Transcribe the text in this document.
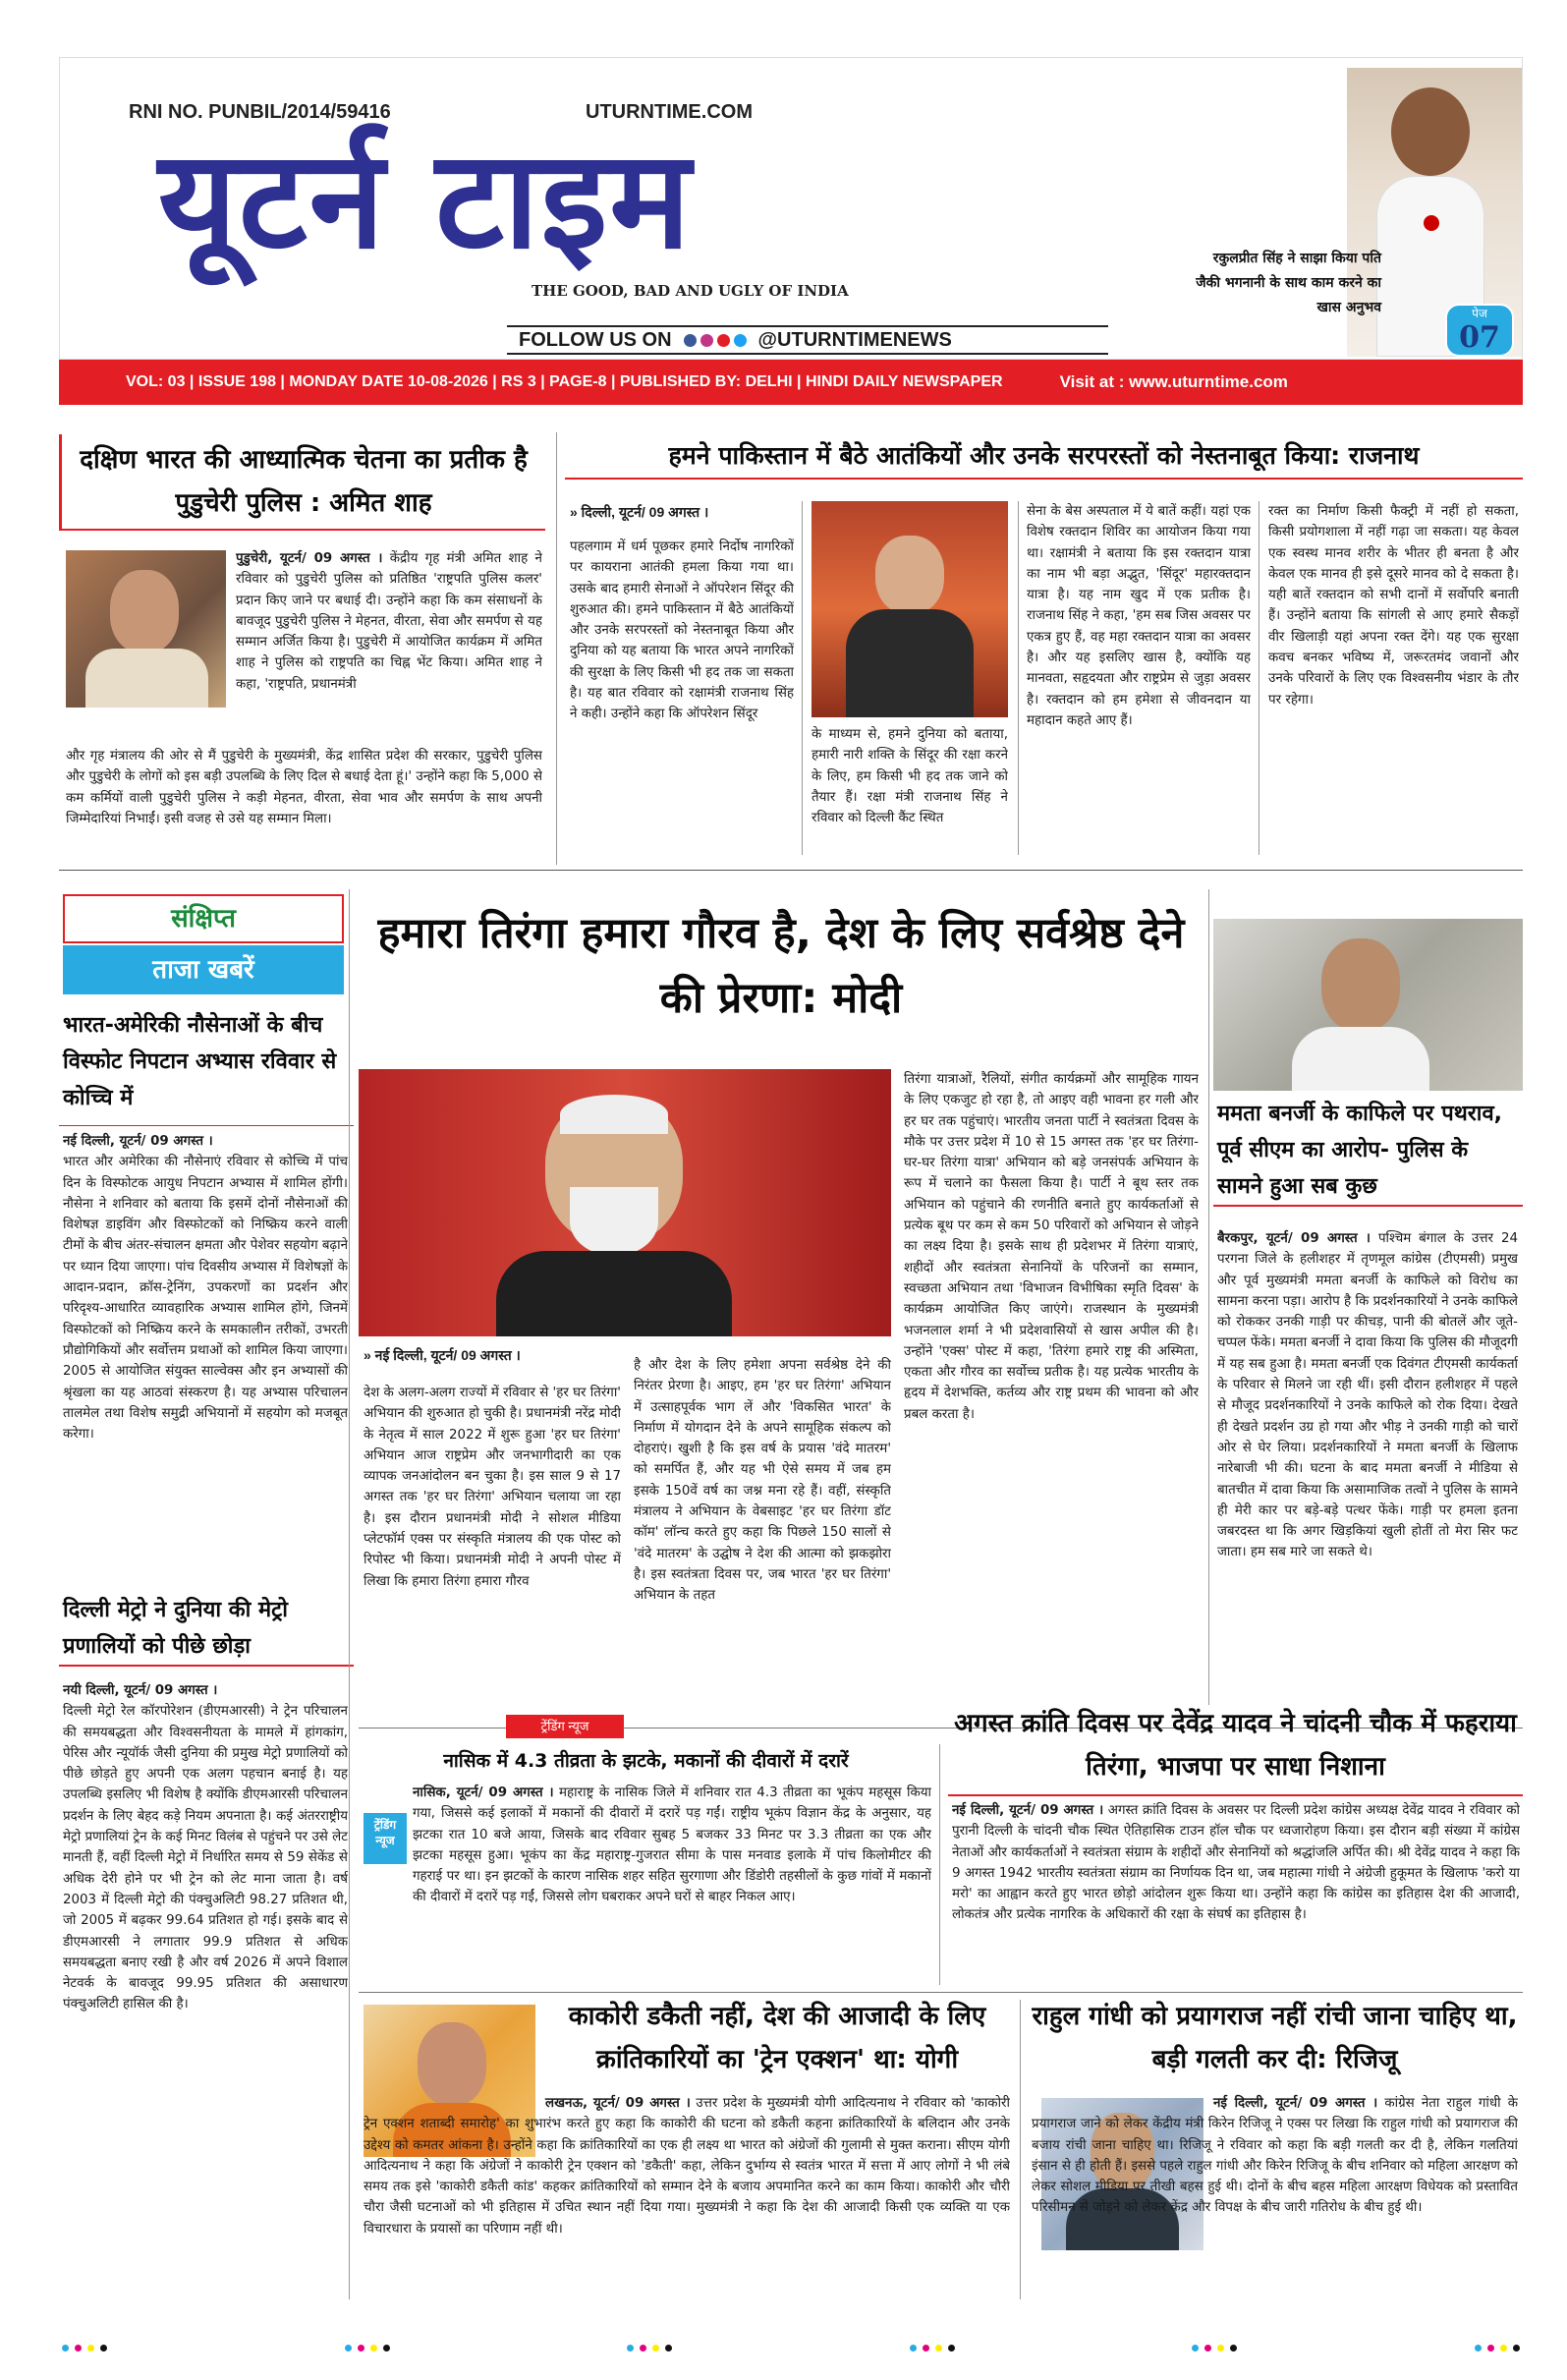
RNI NO. PUNBIL/2014/59416	UTURNTIME.COM
यूटर्न टाइम
THE GOOD, BAD AND UGLY OF INDIA
FOLLOW US ON	@UTURNTIMENEWS
रकुलप्रीत सिंह ने साझा किया पति जैकी भगनानी के साथ काम करने का खास अनुभव	पेज
07
VOL: 03 | ISSUE 198 | MONDAY DATE 10-08-2026 | RS 3 | PAGE-8 | PUBLISHED BY: DELHI | HINDI DAILY NEWSPAPER	Visit at : www.uturntime.com
दक्षिण भारत की आध्यात्मिक चेतना का प्रतीक है पुडुचेरी पुलिस : अमित शाह
पुडुचेरी, यूटर्न/ 09 अगस्त । केंद्रीय गृह मंत्री अमित शाह ने रविवार को पुडुचेरी पुलिस को प्रतिष्ठित 'राष्ट्रपति पुलिस कलर' प्रदान किए जाने पर बधाई दी। उन्होंने कहा कि कम संसाधनों के बावजूद पुडुचेरी पुलिस ने मेहनत, वीरता, सेवा और समर्पण से यह सम्मान अर्जित किया है। पुडुचेरी में आयोजित कार्यक्रम में अमित शाह ने पुलिस को राष्ट्रपति का चिह्न भेंट किया। अमित शाह ने कहा, 'राष्ट्रपति, प्रधानमंत्री
और गृह मंत्रालय की ओर से मैं पुडुचेरी के मुख्यमंत्री, केंद्र शासित प्रदेश की सरकार, पुडुचेरी पुलिस और पुडुचेरी के लोगों को इस बड़ी उपलब्धि के लिए दिल से बधाई देता हूं।' उन्होंने कहा कि 5,000 से कम कर्मियों वाली पुडुचेरी पुलिस ने कड़ी मेहनत, वीरता, सेवा भाव और समर्पण के साथ अपनी जिम्मेदारियां निभाईं। इसी वजह से उसे यह सम्मान मिला।
हमने पाकिस्तान में बैठे आतंकियों और उनके सरपरस्तों को नेस्तनाबूत किया: राजनाथ
» दिल्ली, यूटर्न/ 09 अगस्त ।
पहलगाम में धर्म पूछकर हमारे निर्दोष नागरिकों पर कायराना आतंकी हमला किया गया था। उसके बाद हमारी सेनाओं ने ऑपरेशन सिंदूर की शुरुआत की। हमने पाकिस्तान में बैठे आतंकियों और उनके सरपरस्तों को नेस्तनाबूत किया और दुनिया को यह बताया कि भारत अपने नागरिकों की सुरक्षा के लिए किसी भी हद तक जा सकता है। यह बात रविवार को रक्षामंत्री राजनाथ सिंह ने कही। उन्होंने कहा कि ऑपरेशन सिंदूर
के माध्यम से, हमने दुनिया को बताया, हमारी नारी शक्ति के सिंदूर की रक्षा करने के लिए, हम किसी भी हद तक जाने को तैयार हैं। रक्षा मंत्री राजनाथ सिंह ने रविवार को दिल्ली कैंट स्थित
सेना के बेस अस्पताल में ये बातें कहीं। यहां एक विशेष रक्तदान शिविर का आयोजन किया गया था। रक्षामंत्री ने बताया कि इस रक्तदान यात्रा का नाम भी बड़ा अद्भुत, 'सिंदूर' महारक्तदान यात्रा है। यह नाम खुद में एक प्रतीक है। राजनाथ सिंह ने कहा, 'हम सब जिस अवसर पर एकत्र हुए हैं, वह महा रक्तदान यात्रा का अवसर है। और यह इसलिए खास है, क्योंकि यह मानवता, सहृदयता और राष्ट्रप्रेम से जुड़ा अवसर है। रक्तदान को हम हमेशा से जीवनदान या महादान कहते आए हैं।
रक्त का निर्माण किसी फैक्ट्री में नहीं हो सकता, किसी प्रयोगशाला में नहीं गढ़ा जा सकता। यह केवल एक स्वस्थ मानव शरीर के भीतर ही बनता है और केवल एक मानव ही इसे दूसरे मानव को दे सकता है। यही बातें रक्तदान को सभी दानों में सर्वोपरि बनाती हैं। उन्होंने बताया कि सांगली से आए हमारे सैकड़ों वीर खिलाड़ी यहां अपना रक्त देंगे। यह एक सुरक्षा कवच बनकर भविष्य में, जरूरतमंद जवानों और उनके परिवारों के लिए एक विश्वसनीय भंडार के तौर पर रहेगा।
संक्षिप्त
ताजा खबरें
भारत-अमेरिकी नौसेनाओं के बीच विस्फोट निपटान अभ्यास रविवार से कोच्चि में
नई दिल्ली, यूटर्न/ 09 अगस्त ।
भारत और अमेरिका की नौसेनाएं रविवार से कोच्चि में पांच दिन के विस्फोटक आयुध निपटान अभ्यास में शामिल होंगी। नौसेना ने शनिवार को बताया कि इसमें दोनों नौसेनाओं की विशेषज्ञ डाइविंग और विस्फोटकों को निष्क्रिय करने वाली टीमों के बीच अंतर-संचालन क्षमता और पेशेवर सहयोग बढ़ाने पर ध्यान दिया जाएगा। पांच दिवसीय अभ्यास में विशेषज्ञों के आदान-प्रदान, क्रॉस-ट्रेनिंग, उपकरणों का प्रदर्शन और परिदृश्य-आधारित व्यावहारिक अभ्यास शामिल होंगे, जिनमें विस्फोटकों को निष्क्रिय करने के समकालीन तरीकों, उभरती प्रौद्योगिकियों और सर्वोत्तम प्रथाओं को शामिल किया जाएगा। 2005 से आयोजित संयुक्त साल्वेक्स और इन अभ्यासों की श्रृंखला का यह आठवां संस्करण है। यह अभ्यास परिचालन तालमेल तथा विशेष समुद्री अभियानों में सहयोग को मजबूत करेगा।
दिल्ली मेट्रो ने दुनिया की मेट्रो प्रणालियों को पीछे छोड़ा
नयी दिल्ली, यूटर्न/ 09 अगस्त ।
दिल्ली मेट्रो रेल कॉरपोरेशन (डीएमआरसी) ने ट्रेन परिचालन की समयबद्धता और विश्वसनीयता के मामले में हांगकांग, पेरिस और न्यूयॉर्क जैसी दुनिया की प्रमुख मेट्रो प्रणालियों को पीछे छोड़ते हुए अपनी एक अलग पहचान बनाई है। यह उपलब्धि इसलिए भी विशेष है क्योंकि डीएमआरसी परिचालन प्रदर्शन के लिए बेहद कड़े नियम अपनाता है। कई अंतरराष्ट्रीय मेट्रो प्रणालियां ट्रेन के कई मिनट विलंब से पहुंचने पर उसे लेट मानती हैं, वहीं दिल्ली मेट्रो में निर्धारित समय से 59 सेकेंड से अधिक देरी होने पर भी ट्रेन को लेट माना जाता है। वर्ष 2003 में दिल्ली मेट्रो की पंक्चुअलिटी 98.27 प्रतिशत थी, जो 2005 में बढ़कर 99.64 प्रतिशत हो गई। इसके बाद से डीएमआरसी ने लगातार 99.9 प्रतिशत से अधिक समयबद्धता बनाए रखी है और वर्ष 2026 में अपने विशाल नेटवर्क के बावजूद 99.95 प्रतिशत की असाधारण पंक्चुअलिटी हासिल की है।
हमारा तिरंगा हमारा गौरव है, देश के लिए सर्वश्रेष्ठ देने की प्रेरणा: मोदी
» नई दिल्ली, यूटर्न/ 09 अगस्त ।
देश के अलग-अलग राज्यों में रविवार से 'हर घर तिरंगा' अभियान की शुरुआत हो चुकी है। प्रधानमंत्री नरेंद्र मोदी के नेतृत्व में साल 2022 में शुरू हुआ 'हर घर तिरंगा' अभियान आज राष्ट्रप्रेम और जनभागीदारी का एक व्यापक जनआंदोलन बन चुका है। इस साल 9 से 17 अगस्त तक 'हर घर तिरंगा' अभियान चलाया जा रहा है। इस दौरान प्रधानमंत्री मोदी ने सोशल मीडिया प्लेटफॉर्म एक्स पर संस्कृति मंत्रालय की एक पोस्ट को रिपोस्ट भी किया। प्रधानमंत्री मोदी ने अपनी पोस्ट में लिखा कि हमारा तिरंगा हमारा गौरव
है और देश के लिए हमेशा अपना सर्वश्रेष्ठ देने की निरंतर प्रेरणा है। आइए, हम 'हर घर तिरंगा' अभियान में उत्साहपूर्वक भाग लें और 'विकसित भारत' के निर्माण में योगदान देने के अपने सामूहिक संकल्प को दोहराएं। खुशी है कि इस वर्ष के प्रयास 'वंदे मातरम' को समर्पित हैं, और यह भी ऐसे समय में जब हम इसके 150वें वर्ष का जश्न मना रहे हैं। वहीं, संस्कृति मंत्रालय ने अभियान के वेबसाइट 'हर घर तिरंगा डॉट कॉम' लॉन्च करते हुए कहा कि पिछले 150 सालों से 'वंदे मातरम' के उद्घोष ने देश की आत्मा को झकझोरा है। इस स्वतंत्रता दिवस पर, जब भारत 'हर घर तिरंगा' अभियान के तहत
तिरंगा यात्राओं, रैलियों, संगीत कार्यक्रमों और सामूहिक गायन के लिए एकजुट हो रहा है, तो आइए वही भावना हर गली और हर घर तक पहुंचाएं। भारतीय जनता पार्टी ने स्वतंत्रता दिवस के मौके पर उत्तर प्रदेश में 10 से 15 अगस्त तक 'हर घर तिरंगा-घर-घर तिरंगा यात्रा' अभियान को बड़े जनसंपर्क अभियान के रूप में चलाने का फैसला किया है। पार्टी ने बूथ स्तर तक अभियान को पहुंचाने की रणनीति बनाते हुए कार्यकर्ताओं से प्रत्येक बूथ पर कम से कम 50 परिवारों को अभियान से जोड़ने का लक्ष्य दिया है। इसके साथ ही प्रदेशभर में तिरंगा यात्राएं, शहीदों और स्वतंत्रता सेनानियों के परिजनों का सम्मान, स्वच्छता अभियान तथा 'विभाजन विभीषिका स्मृति दिवस' के कार्यक्रम आयोजित किए जाएंगे। राजस्थान के मुख्यमंत्री भजनलाल शर्मा ने भी प्रदेशवासियों से खास अपील की है। उन्होंने 'एक्स' पोस्ट में कहा, 'तिरंगा हमारे राष्ट्र की अस्मिता, एकता और गौरव का सर्वोच्च प्रतीक है। यह प्रत्येक भारतीय के हृदय में देशभक्ति, कर्तव्य और राष्ट्र प्रथम की भावना को और प्रबल करता है।
ममता बनर्जी के काफिले पर पथराव, पूर्व सीएम का आरोप- पुलिस के सामने हुआ सब कुछ
बैरकपुर, यूटर्न/ 09 अगस्त । पश्चिम बंगाल के उत्तर 24 परगना जिले के हलीशहर में तृणमूल कांग्रेस (टीएमसी) प्रमुख और पूर्व मुख्यमंत्री ममता बनर्जी के काफिले को विरोध का सामना करना पड़ा। आरोप है कि प्रदर्शनकारियों ने उनके काफिले को रोककर उनकी गाड़ी पर कीचड़, पानी की बोतलें और जूते-चप्पल फेंके। ममता बनर्जी ने दावा किया कि पुलिस की मौजूदगी में यह सब हुआ है। ममता बनर्जी एक दिवंगत टीएमसी कार्यकर्ता के परिवार से मिलने जा रही थीं। इसी दौरान हलीशहर में पहले से मौजूद प्रदर्शनकारियों ने उनके काफिले को रोक दिया। देखते ही देखते प्रदर्शन उग्र हो गया और भीड़ ने उनकी गाड़ी को चारों ओर से घेर लिया। प्रदर्शनकारियों ने ममता बनर्जी के खिलाफ नारेबाजी भी की। घटना के बाद ममता बनर्जी ने मीडिया से बातचीत में दावा किया कि असामाजिक तत्वों ने पुलिस के सामने ही मेरी कार पर बड़े-बड़े पत्थर फेंके। गाड़ी पर हमला इतना जबरदस्त था कि अगर खिड़कियां खुली होतीं तो मेरा सिर फट जाता। हम सब मारे जा सकते थे।
ट्रेंडिंग न्यूज
नासिक में 4.3 तीव्रता के झटके, मकानों की दीवारों में दरारें
ट्रेंडिंग न्यूज
नासिक, यूटर्न/ 09 अगस्त । महाराष्ट्र के नासिक जिले में शनिवार रात 4.3 तीव्रता का भूकंप महसूस किया गया, जिससे कई इलाकों में मकानों की दीवारों में दरारें पड़ गईं। राष्ट्रीय भूकंप विज्ञान केंद्र के अनुसार, यह झटका रात 10 बजे आया, जिसके बाद रविवार सुबह 5 बजकर 33 मिनट पर 3.3 तीव्रता का एक और झटका महसूस हुआ। भूकंप का केंद्र महाराष्ट्र-गुजरात सीमा के पास मनवाड इलाके में पांच किलोमीटर की गहराई पर था। इन झटकों के कारण नासिक शहर सहित सुरगाणा और डिंडोरी तहसीलों के कुछ गांवों में मकानों की दीवारों में दरारें पड़ गईं, जिससे लोग घबराकर अपने घरों से बाहर निकल आए।
अगस्त क्रांति दिवस पर देवेंद्र यादव ने चांदनी चौक में फहराया तिरंगा, भाजपा पर साधा निशाना
नई दिल्ली, यूटर्न/ 09 अगस्त । अगस्त क्रांति दिवस के अवसर पर दिल्ली प्रदेश कांग्रेस अध्यक्ष देवेंद्र यादव ने रविवार को पुरानी दिल्ली के चांदनी चौक स्थित ऐतिहासिक टाउन हॉल चौक पर ध्वजारोहण किया। इस दौरान बड़ी संख्या में कांग्रेस नेताओं और कार्यकर्ताओं ने स्वतंत्रता संग्राम के शहीदों और सेनानियों को श्रद्धांजलि अर्पित की। श्री देवेंद्र यादव ने कहा कि 9 अगस्त 1942 भारतीय स्वतंत्रता संग्राम का निर्णायक दिन था, जब महात्मा गांधी ने अंग्रेजी हुकूमत के खिलाफ 'करो या मरो' का आह्वान करते हुए भारत छोड़ो आंदोलन शुरू किया था। उन्होंने कहा कि कांग्रेस का इतिहास देश की आजादी, लोकतंत्र और प्रत्येक नागरिक के अधिकारों की रक्षा के संघर्ष का इतिहास है।
काकोरी डकैती नहीं, देश की आजादी के लिए क्रांतिकारियों का 'ट्रेन एक्शन' था: योगी
लखनऊ, यूटर्न/ 09 अगस्त । उत्तर प्रदेश के मुख्यमंत्री योगी आदित्यनाथ ने रविवार को 'काकोरी ट्रेन एक्शन शताब्दी समारोह' का शुभारंभ करते हुए कहा कि काकोरी की घटना को डकैती कहना क्रांतिकारियों के बलिदान और उनके उद्देश्य को कमतर आंकना है। उन्होंने कहा कि क्रांतिकारियों का एक ही लक्ष्य था भारत को अंग्रेजों की गुलामी से मुक्त कराना। सीएम योगी आदित्यनाथ ने कहा कि अंग्रेजों ने काकोरी ट्रेन एक्शन को 'डकैती' कहा, लेकिन दुर्भाग्य से स्वतंत्र भारत में सत्ता में आए लोगों ने भी लंबे समय तक इसे 'काकोरी डकैती कांड' कहकर क्रांतिकारियों को सम्मान देने के बजाय अपमानित करने का काम किया। काकोरी और चौरी चौरा जैसी घटनाओं को भी इतिहास में उचित स्थान नहीं दिया गया। मुख्यमंत्री ने कहा कि देश की आजादी किसी एक व्यक्ति या एक विचारधारा के प्रयासों का परिणाम नहीं थी।
राहुल गांधी को प्रयागराज नहीं रांची जाना चाहिए था, बड़ी गलती कर दी: रिजिजू
नई दिल्ली, यूटर्न/ 09 अगस्त । कांग्रेस नेता राहुल गांधी के प्रयागराज जाने को लेकर केंद्रीय मंत्री किरेन रिजिजू ने एक्स पर लिखा कि राहुल गांधी को प्रयागराज की बजाय रांची जाना चाहिए था। रिजिजू ने रविवार को कहा कि बड़ी गलती कर दी है, लेकिन गलतियां इंसान से ही होती हैं। इससे पहले राहुल गांधी और किरेन रिजिजू के बीच शनिवार को महिला आरक्षण को लेकर सोशल मीडिया पर तीखी बहस हुई थी। दोनों के बीच बहस महिला आरक्षण विधेयक को प्रस्तावित परिसीमन से जोड़ने को लेकर केंद्र और विपक्ष के बीच जारी गतिरोध के बीच हुई थी।
